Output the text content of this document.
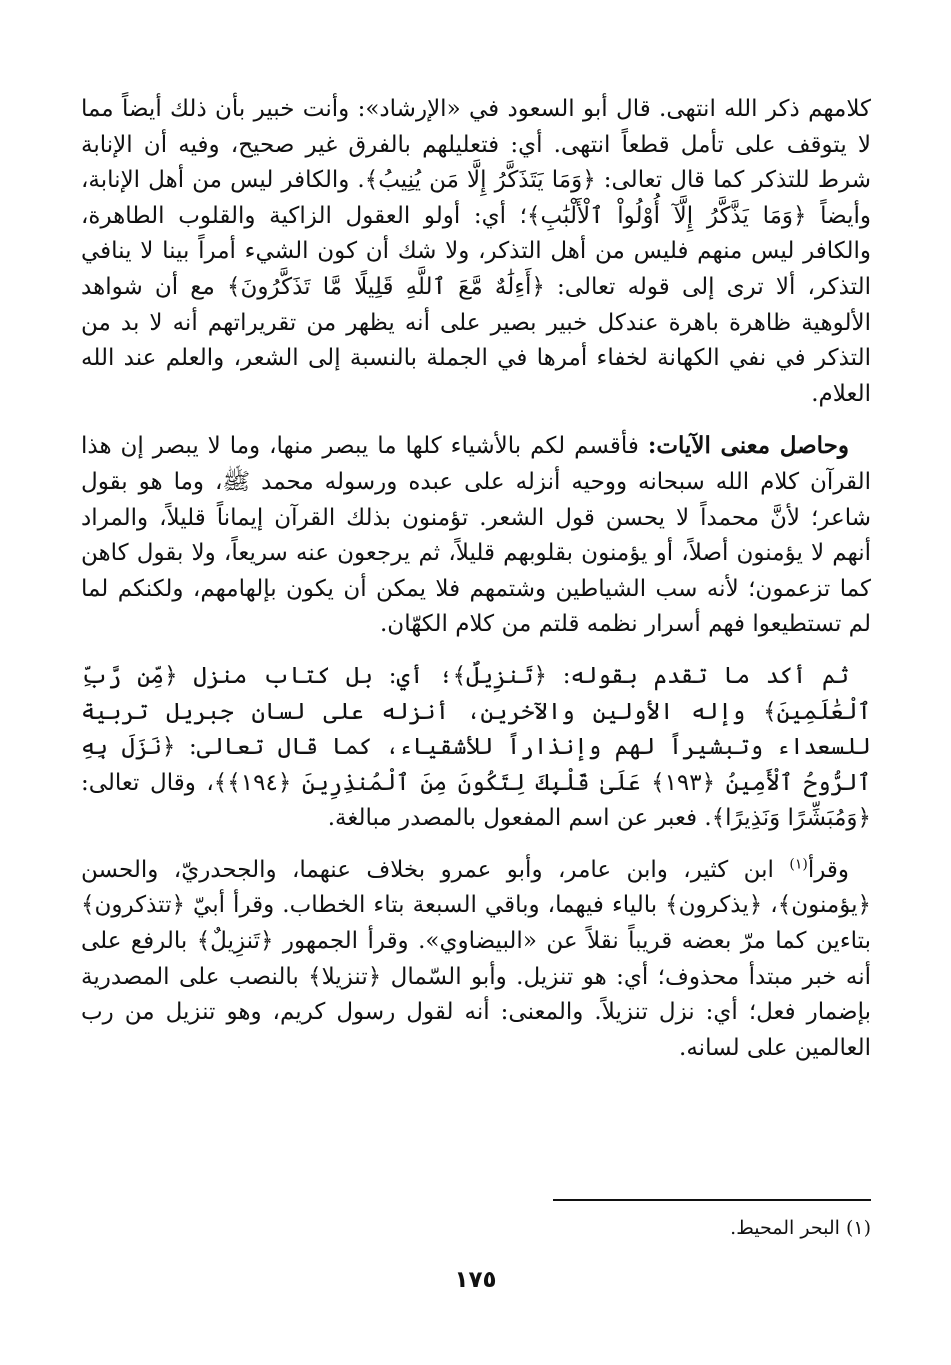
كلامهم ذكر الله انتهى. قال أبو السعود في «الإرشاد»: وأنت خبير بأن ذلك أيضاً مما لا يتوقف على تأمل قطعاً انتهى. أي: فتعليلهم بالفرق غير صحيح، وفيه أن الإنابة شرط للتذكر كما قال تعالى: ﴿وَمَا يَتَذَكَّرُ إِلَّا مَن يُنِيبُ﴾. والكافر ليس من أهل الإنابة، وأيضاً ﴿وَمَا يَذَّكَّرُ إِلَّآ أُوْلُواْ ٱلْأَلْبَٰبِ﴾؛ أي: أولو العقول الزاكية والقلوب الطاهرة، والكافر ليس منهم فليس من أهل التذكر، ولا شك أن كون الشيء أمراً بينا لا ينافي التذكر، ألا ترى إلى قوله تعالى: ﴿أَءِلَٰهٌ مَّعَ ٱللَّهِ قَلِيلًا مَّا تَذَكَّرُونَ﴾ مع أن شواهد الألوهية ظاهرة باهرة عندكل خبير بصير على أنه يظهر من تقريراتهم أنه لا بد من التذكر في نفي الكهانة لخفاء أمرها في الجملة بالنسبة إلى الشعر، والعلم عند الله العلام.

وحاصل معنى الآيات: فأقسم لكم بالأشياء كلها ما يبصر منها، وما لا يبصر إن هذا القرآن كلام الله سبحانه ووحيه أنزله على عبده ورسوله محمد ﷺ، وما هو بقول شاعر؛ لأنَّ محمداً لا يحسن قول الشعر. تؤمنون بذلك القرآن إيماناً قليلاً، والمراد أنهم لا يؤمنون أصلاً، أو يؤمنون بقلوبهم قليلاً، ثم يرجعون عنه سريعاً، ولا بقول كاهن كما تزعمون؛ لأنه سب الشياطين وشتمهم فلا يمكن أن يكون بإلهامهم، ولكنكم لما لم تستطيعوا فهم أسرار نظمه قلتم من كلام الكهّان.

ثم أكد ما تقدم بقوله: ﴿تَنزِيلٌ﴾؛ أي: بل كتاب منزل ﴿مِّن رَّبِّ ٱلْعَٰلَمِينَ﴾ وإله الأولين والآخرين، أنزله على لسان جبريل تربية للسعداء وتبشيراً لهم وإنذاراً للأشقياء، كما قال تعالى: ﴿نَزَلَ بِهِ ٱلرُّوحُ ٱلْأَمِينُ ﴿١٩٣﴾ عَلَىٰ قَلْبِكَ لِتَكُونَ مِنَ ٱلْمُنذِرِينَ ﴿١٩٤﴾﴾، وقال تعالى: ﴿وَمُبَشِّرًا وَنَذِيرًا﴾. فعبر عن اسم المفعول بالمصدر مبالغة.

وقرأ$^{(١)}$ ابن كثير، وابن عامر، وأبو عمرو بخلاف عنهما، والجحدريّ، والحسن ﴿يؤمنون﴾، ﴿يذكرون﴾ بالياء فيهما، وباقي السبعة بتاء الخطاب. وقرأ أبيّ ﴿تتذكرون﴾ بتاءين كما مرّ بعضه قريباً نقلاً عن «البيضاوي». وقرأ الجمهور ﴿تَنزِيلٌ﴾ بالرفع على أنه خبر مبتدأ محذوف؛ أي: هو تنزيل. وأبو السّمال ﴿تنزيلا﴾ بالنصب على المصدرية بإضمار فعل؛ أي: نزل تنزيلاً. والمعنى: أنه لقول رسول كريم، وهو تنزيل من رب العالمين على لسانه.

(١) البحر المحيط.
١٧٥
